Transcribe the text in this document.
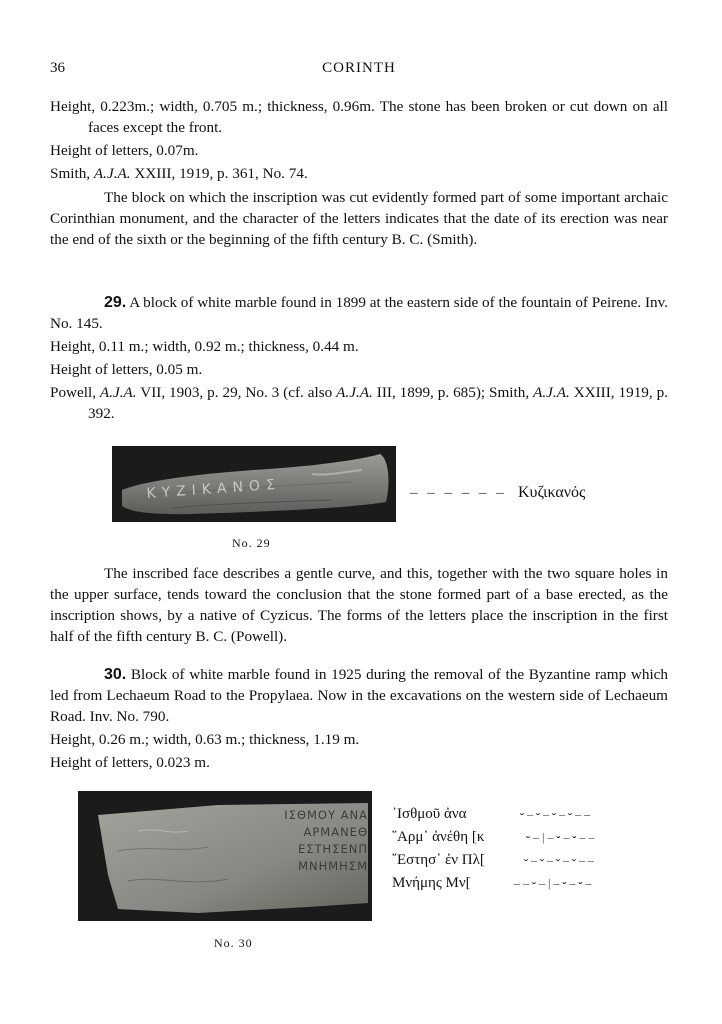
36	CORINTH

Height, 0.223m.; width, 0.705 m.; thickness, 0.96m. The stone has been broken or cut down on all faces except the front.

Height of letters, 0.07m.

Smith, A.J.A. XXIII, 1919, p. 361, No. 74.

The block on which the inscription was cut evidently formed part of some important archaic Corinthian monument, and the character of the letters indicates that the date of its erection was near the end of the sixth or the beginning of the fifth century B. C. (Smith).

29. A block of white marble found in 1899 at the eastern side of the fountain of Peirene. Inv. No. 145.

Height, 0.11 m.; width, 0.92 m.; thickness, 0.44 m.

Height of letters, 0.05 m.

Powell, A.J.A. VII, 1903, p. 29, No. 3 (cf. also A.J.A. III, 1899, p. 685); Smith, A.J.A. XXIII, 1919, p. 392.

ΚΥΖΙΚΑΝΟΣ	– – – – – – Κυζικανός
No. 29

The inscribed face describes a gentle curve, and this, together with the two square holes in the upper surface, tends toward the conclusion that the stone formed part of a base erected, as the inscription shows, by a native of Cyzicus. The forms of the letters place the inscription in the first half of the fifth century B. C. (Powell).

30. Block of white marble found in 1925 during the removal of the Byzantine ramp which led from Lechaeum Road to the Propylaea. Now in the excavations on the western side of Lechaeum Road. Inv. No. 790.

Height, 0.26 m.; width, 0.63 m.; thickness, 1.19 m.

Height of letters, 0.023 m.

ΙΣΘΜΟΥ ΑΝΑ
ΑΡΜΑΝΕΘ
ΕΣΤΗΣΕΝΠ
ΜΝΗΜΗΣΜ
᾿Ισθμοῦ ἀνα
῞Αρμ᾿ ἀνέθη [κ
῎Εστησ᾿ ἐν Πλ[
Μνήμης Μν[
⏑ – ⏑ – ⏑ – ⏑ – –
⏑ – | – ⏑ – ⏑ – –
⏑ – ⏑ – ⏑ – ⏑ – –
– – ⏑ – | – ⏑ – ⏑ –
No. 30
